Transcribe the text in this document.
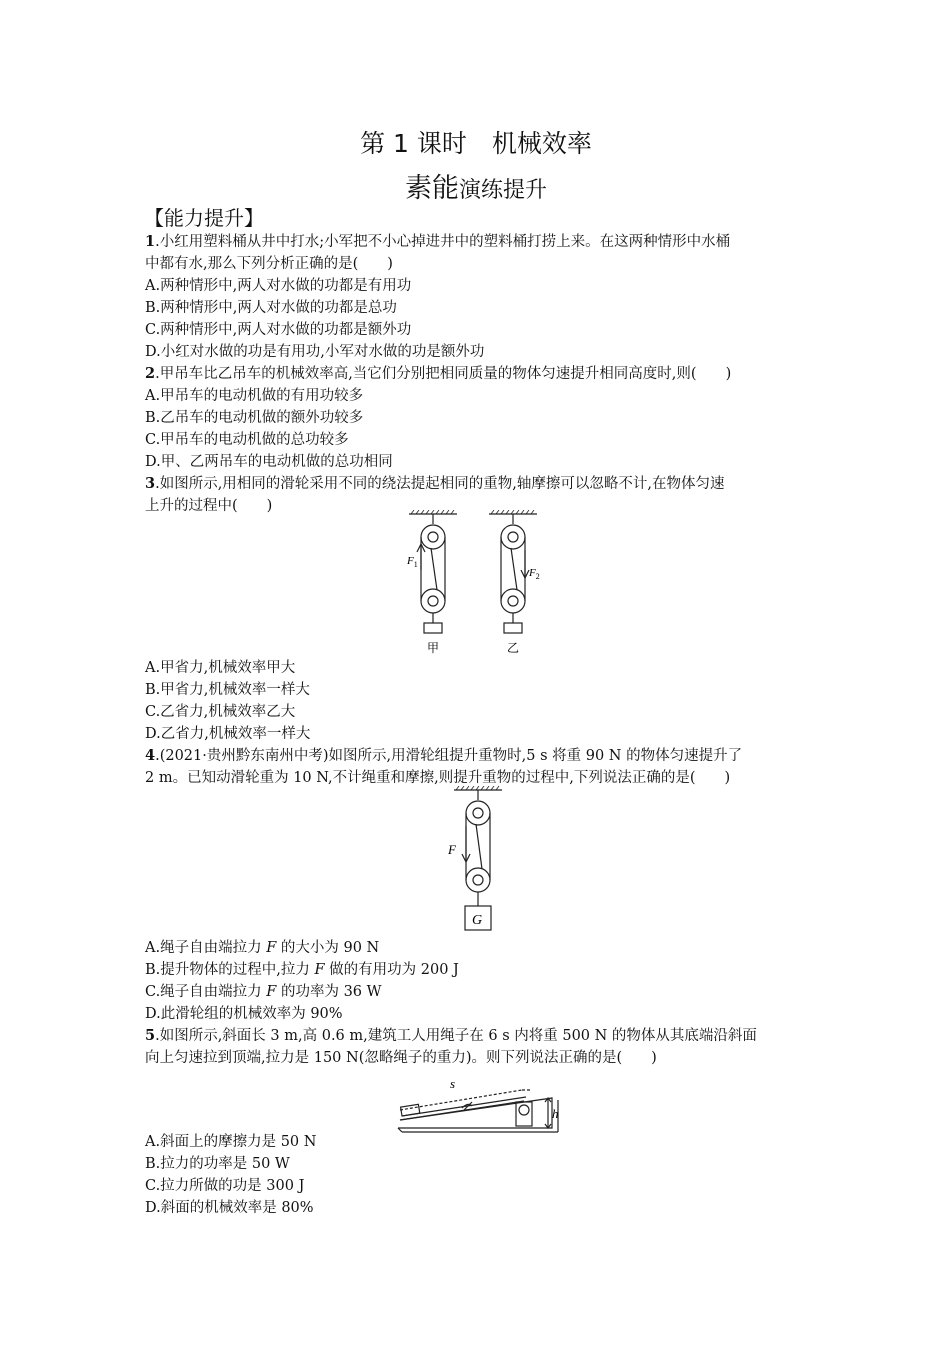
第 1 课时　机械效率
素能演练提升
【能力提升】
1.小红用塑料桶从井中打水;小军把不小心掉进井中的塑料桶打捞上来。在这两种情形中水桶
中都有水,那么下列分析正确的是(　　)
A.两种情形中,两人对水做的功都是有用功
B.两种情形中,两人对水做的功都是总功
C.两种情形中,两人对水做的功都是额外功
D.小红对水做的功是有用功,小军对水做的功是额外功
2.甲吊车比乙吊车的机械效率高,当它们分别把相同质量的物体匀速提升相同高度时,则(　　)
A.甲吊车的电动机做的有用功较多
B.乙吊车的电动机做的额外功较多
C.甲吊车的电动机做的总功较多
D.甲、乙两吊车的电动机做的总功相同
3.如图所示,用相同的滑轮采用不同的绕法提起相同的重物,轴摩擦可以忽略不计,在物体匀速
上升的过程中(　　)
$F_1$
$F_2$
甲	乙
A.甲省力,机械效率甲大
B.甲省力,机械效率一样大
C.乙省力,机械效率乙大
D.乙省力,机械效率一样大
4.(2021·贵州黔东南州中考)如图所示,用滑轮组提升重物时,5 s 将重 90 N 的物体匀速提升了
2 m。已知动滑轮重为 10 N,不计绳重和摩擦,则提升重物的过程中,下列说法正确的是(　　)
F
G
A.绳子自由端拉力 F 的大小为 90 N
B.提升物体的过程中,拉力 F 做的有用功为 200 J
C.绳子自由端拉力 F 的功率为 36 W
D.此滑轮组的机械效率为 90%
5.如图所示,斜面长 3 m,高 0.6 m,建筑工人用绳子在 6 s 内将重 500 N 的物体从其底端沿斜面
向上匀速拉到顶端,拉力是 150 N(忽略绳子的重力)。则下列说法正确的是(　　)
s
h
A.斜面上的摩擦力是 50 N
B.拉力的功率是 50 W
C.拉力所做的功是 300 J
D.斜面的机械效率是 80%
